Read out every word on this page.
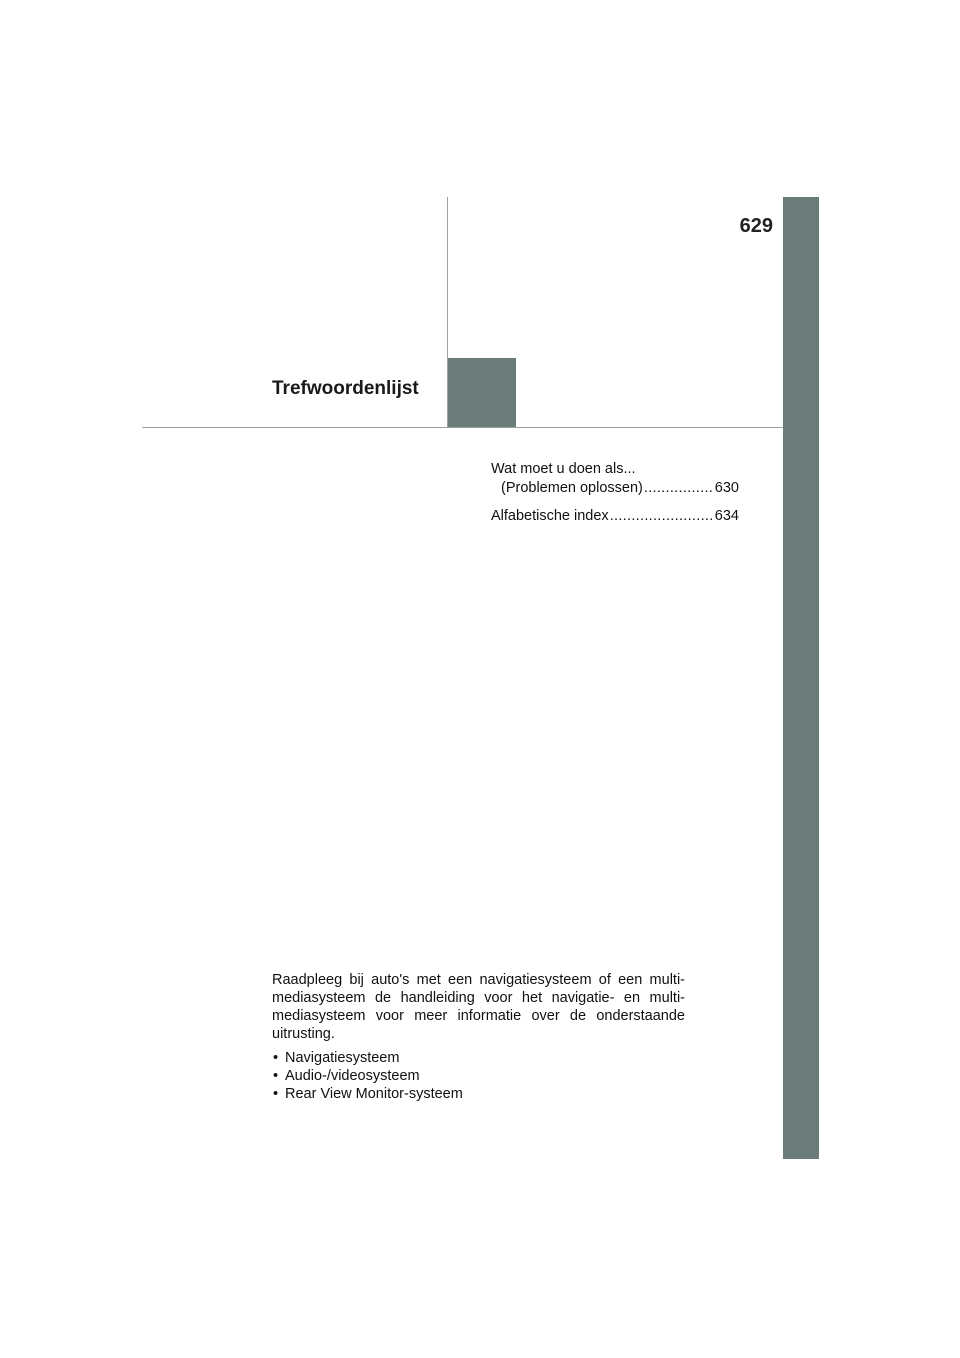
629
Trefwoordenlijst
Wat moet u doen als...
(Problemen oplossen) .....	630
Alfabetische index .....	634

Raadpleeg bij auto's met een navigatiesysteem of een multi-mediasysteem de handleiding voor het navigatie- en multi-mediasysteem voor meer informatie over de onderstaande uitrusting.

• Navigatiesysteem
• Audio-/videosysteem
• Rear View Monitor-systeem
